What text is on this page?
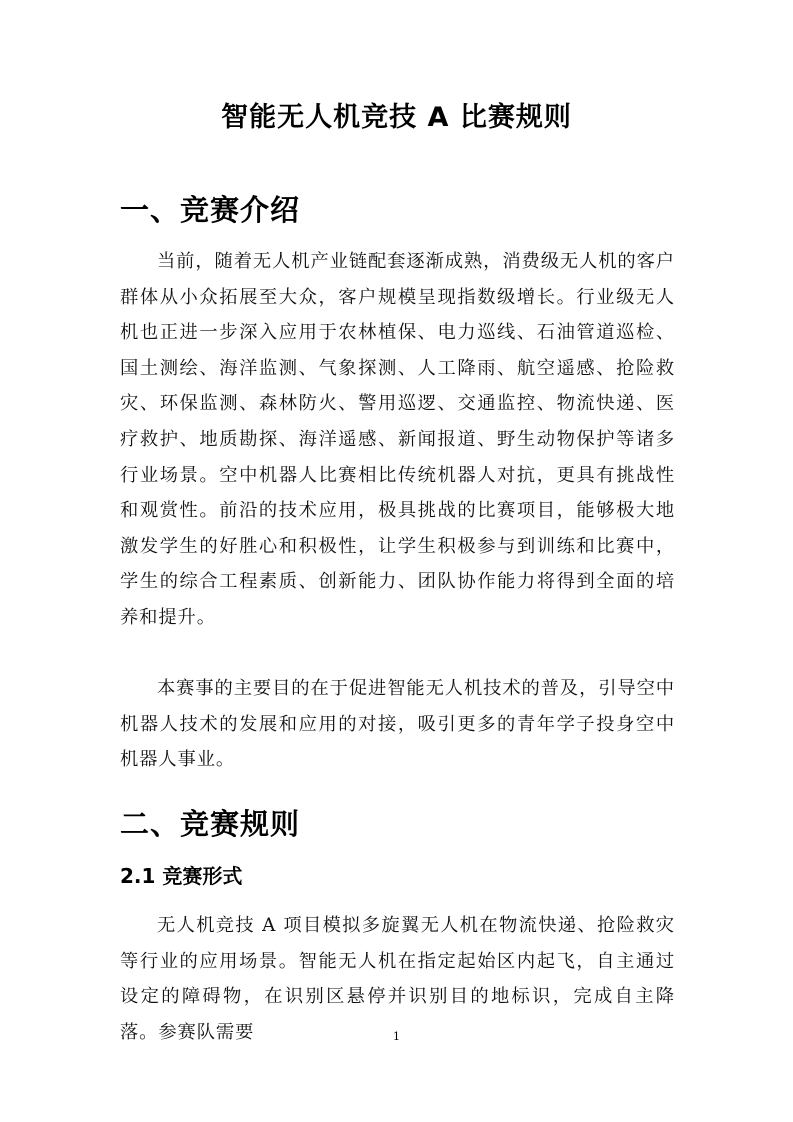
智能无人机竞技 A 比赛规则
一、竞赛介绍

当前，随着无人机产业链配套逐渐成熟，消费级无人机的客户群体从小众拓展至大众，客户规模呈现指数级增长。行业级无人机也正进一步深入应用于农林植保、电力巡线、石油管道巡检、国土测绘、海洋监测、气象探测、人工降雨、航空遥感、抢险救灾、环保监测、森林防火、警用巡逻、交通监控、物流快递、医疗救护、地质勘探、海洋遥感、新闻报道、野生动物保护等诸多行业场景。空中机器人比赛相比传统机器人对抗，更具有挑战性和观赏性。前沿的技术应用，极具挑战的比赛项目，能够极大地激发学生的好胜心和积极性，让学生积极参与到训练和比赛中，学生的综合工程素质、创新能力、团队协作能力将得到全面的培养和提升。

本赛事的主要目的在于促进智能无人机技术的普及，引导空中机器人技术的发展和应用的对接，吸引更多的青年学子投身空中机器人事业。

二、竞赛规则
2.1 竞赛形式

无人机竞技 A 项目模拟多旋翼无人机在物流快递、抢险救灾等行业的应用场景。智能无人机在指定起始区内起飞，自主通过设定的障碍物，在识别区悬停并识别目的地标识，完成自主降落。参赛队需要	1
